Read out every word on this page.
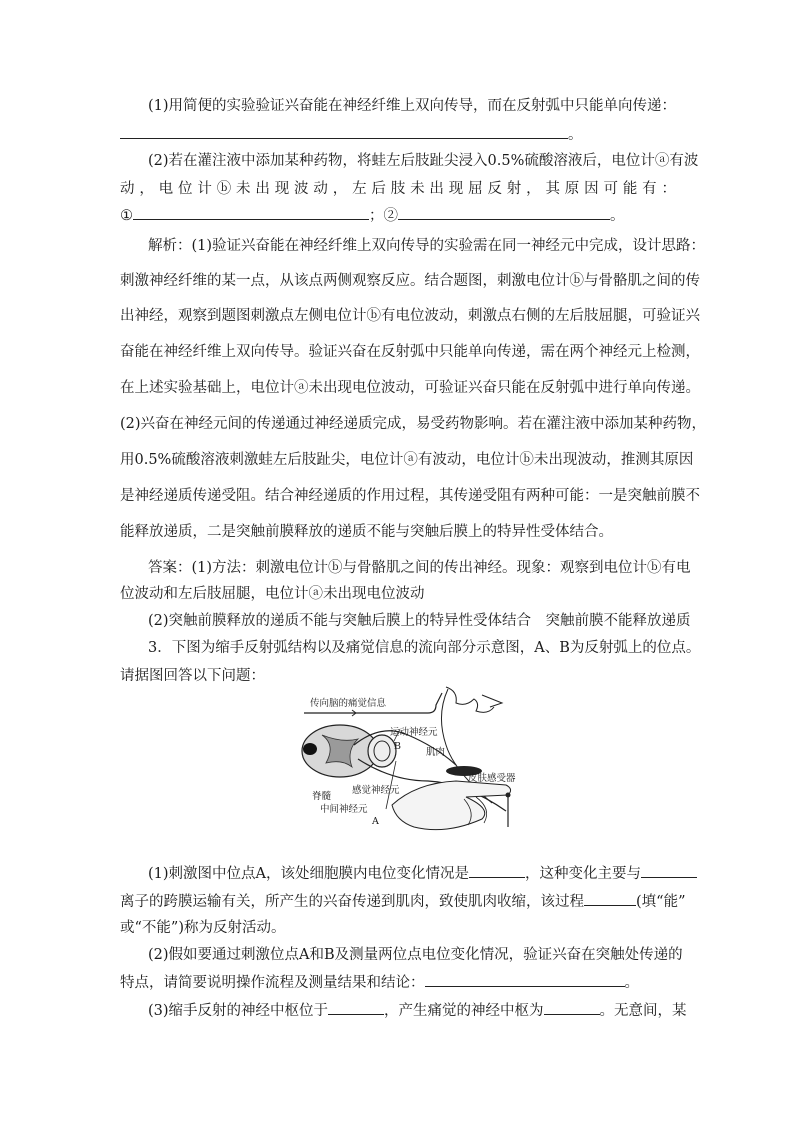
(1)用简便的实验验证兴奋能在神经纤维上双向传导，而在反射弧中只能单向传递：
。
(2)若在灌注液中添加某种药物，将蛙左后肢趾尖浸入0.5%硫酸溶液后，电位计ⓐ有波
动，电位计ⓑ未出现波动，左后肢未出现屈反射，其原因可能有：
①	；②	。
解析：(1)验证兴奋能在神经纤维上双向传导的实验需在同一神经元中完成，设计思路：
刺激神经纤维的某一点，从该点两侧观察反应。结合题图，刺激电位计ⓑ与骨骼肌之间的传
出神经，观察到题图刺激点左侧电位计ⓑ有电位波动，刺激点右侧的左后肢屈腿，可验证兴
奋能在神经纤维上双向传导。验证兴奋在反射弧中只能单向传递，需在两个神经元上检测，
在上述实验基础上，电位计ⓐ未出现电位波动，可验证兴奋只能在反射弧中进行单向传递。
(2)兴奋在神经元间的传递通过神经递质完成，易受药物影响。若在灌注液中添加某种药物，
用0.5%硫酸溶液刺激蛙左后肢趾尖，电位计ⓐ有波动，电位计ⓑ未出现波动，推测其原因
是神经递质传递受阻。结合神经递质的作用过程，其传递受阻有两种可能：一是突触前膜不
能释放递质，二是突触前膜释放的递质不能与突触后膜上的特异性受体结合。
答案：(1)方法：刺激电位计ⓑ与骨骼肌之间的传出神经。现象：观察到电位计ⓑ有电
位波动和左后肢屈腿，电位计ⓐ未出现电位波动
(2)突触前膜释放的递质不能与突触后膜上的特异性受体结合　突触前膜不能释放递质
3．下图为缩手反射弧结构以及痛觉信息的流向部分示意图，A、B为反射弧上的位点。
请据图回答以下问题：
传向脑的痛觉信息
运动神经元
B
肌肉
皮肤感受器
感觉神经元
脊髓
中间神经元
A
(1)刺激图中位点A，该处细胞膜内电位变化情况是	，这种变化主要与
离子的跨膜运输有关，所产生的兴奋传递到肌肉，致使肌肉收缩，该过程	(填“能”
或“不能”)称为反射活动。
(2)假如要通过刺激位点A和B及测量两位点电位变化情况，验证兴奋在突触处传递的
特点，请简要说明操作流程及测量结果和结论：	。
(3)缩手反射的神经中枢位于	，产生痛觉的神经中枢为	。无意间，某
